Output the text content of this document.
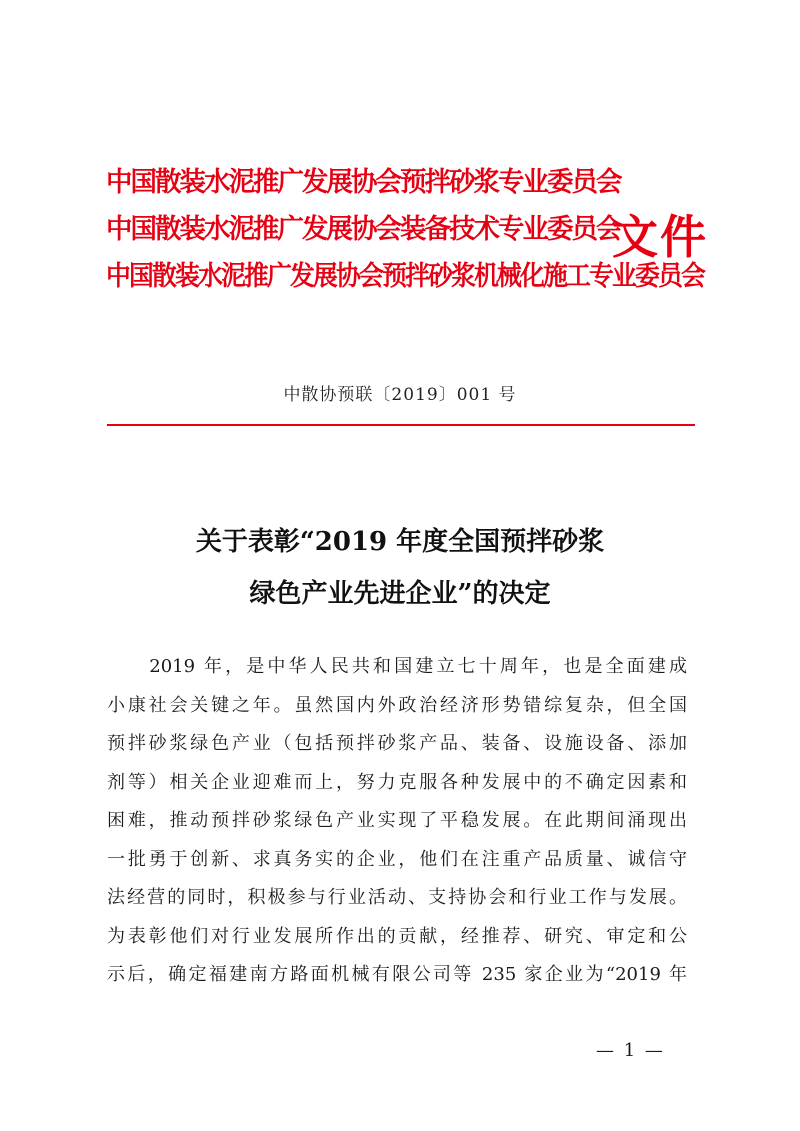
中国散装水泥推广发展协会预拌砂浆专业委员会
中国散装水泥推广发展协会装备技术专业委员会
中国散装水泥推广发展协会预拌砂浆机械化施工专业委员会
文件
中散协预联〔2019〕001 号
关于表彰“2019 年度全国预拌砂浆
绿色产业先进企业”的决定
　　2019 年，是中华人民共和国建立七十周年，也是全面建成
小康社会关键之年。虽然国内外政治经济形势错综复杂，但全国
预拌砂浆绿色产业（包括预拌砂浆产品、装备、设施设备、添加
剂等）相关企业迎难而上，努力克服各种发展中的不确定因素和
困难，推动预拌砂浆绿色产业实现了平稳发展。在此期间涌现出
一批勇于创新、求真务实的企业，他们在注重产品质量、诚信守
法经营的同时，积极参与行业活动、支持协会和行业工作与发展。
为表彰他们对行业发展所作出的贡献，经推荐、研究、审定和公
示后，确定福建南方路面机械有限公司等 235 家企业为“2019 年
— 1 —
